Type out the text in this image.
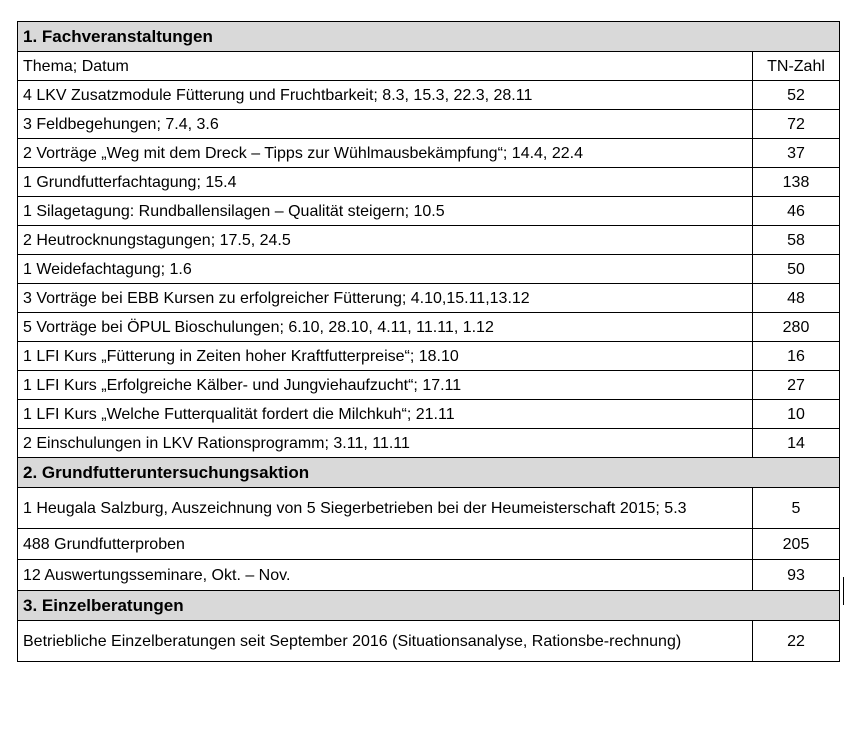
1. Fachveranstaltungen	
Thema; Datum	TN-Zahl
4 LKV Zusatzmodule Fütterung und Fruchtbarkeit; 8.3, 15.3, 22.3, 28.11	52
3 Feldbegehungen; 7.4, 3.6	72
2 Vorträge „Weg mit dem Dreck – Tipps zur Wühlmausbekämpfung“; 14.4, 22.4	37
1 Grundfutterfachtagung; 15.4	138
1 Silagetagung: Rundballensilagen – Qualität steigern; 10.5	46
2 Heutrocknungstagungen; 17.5, 24.5	58
1 Weidefachtagung; 1.6	50
3 Vorträge bei EBB Kursen zu erfolgreicher Fütterung; 4.10,15.11,13.12	48
5 Vorträge bei ÖPUL Bioschulungen; 6.10, 28.10, 4.11, 11.11, 1.12	280
1 LFI Kurs „Fütterung in Zeiten hoher Kraftfutterpreise“; 18.10	16
1 LFI Kurs „Erfolgreiche Kälber- und Jungviehaufzucht“; 17.11	27
1 LFI Kurs „Welche Futterqualität fordert die Milchkuh“; 21.11	10
2 Einschulungen in LKV Rationsprogramm; 3.11, 11.11	14
2. Grundfutteruntersuchungsaktion	
1 Heugala Salzburg, Auszeichnung von 5 Siegerbetrieben bei der Heumeisterschaft 2015; 5.3	5
488 Grundfutterproben	205
12 Auswertungsseminare, Okt. – Nov.	93
3. Einzelberatungen	
Betriebliche Einzelberatungen seit September 2016 (Situationsanalyse, Rationsbe-rechnung)	22
